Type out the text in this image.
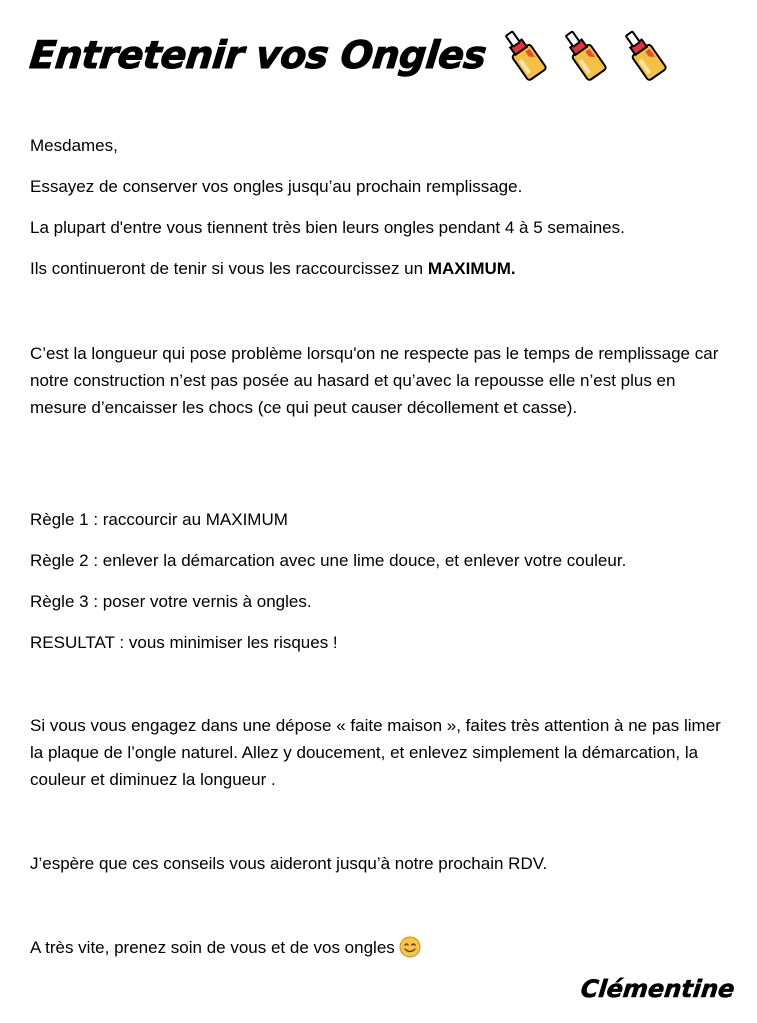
Entretenir vos Ongles

Mesdames,

Essayez de conserver vos ongles jusqu’au prochain remplissage.

La plupart d'entre vous tiennent très bien leurs ongles pendant 4 à 5 semaines.

Ils continueront de tenir si vous les raccourcissez un MAXIMUM.

C’est la longueur qui pose problème lorsqu'on ne respecte pas le temps de remplissage car notre construction n’est pas posée au hasard et qu’avec la repousse elle n’est plus en mesure d’encaisser les chocs (ce qui peut causer décollement et casse).

Règle 1 : raccourcir au MAXIMUM

Règle 2 : enlever la démarcation avec une lime douce, et enlever votre couleur.

Règle 3 : poser votre vernis à ongles.

RESULTAT : vous minimiser les risques !

Si vous vous engagez dans une dépose « faite maison », faites très attention à ne pas limer la plaque de l’ongle naturel. Allez y doucement, et enlevez simplement la démarcation, la couleur et diminuez la longueur .

J’espère que ces conseils vous aideront jusqu’à notre prochain RDV.

A très vite, prenez soin de vous et de vos ongles

Clémentine
